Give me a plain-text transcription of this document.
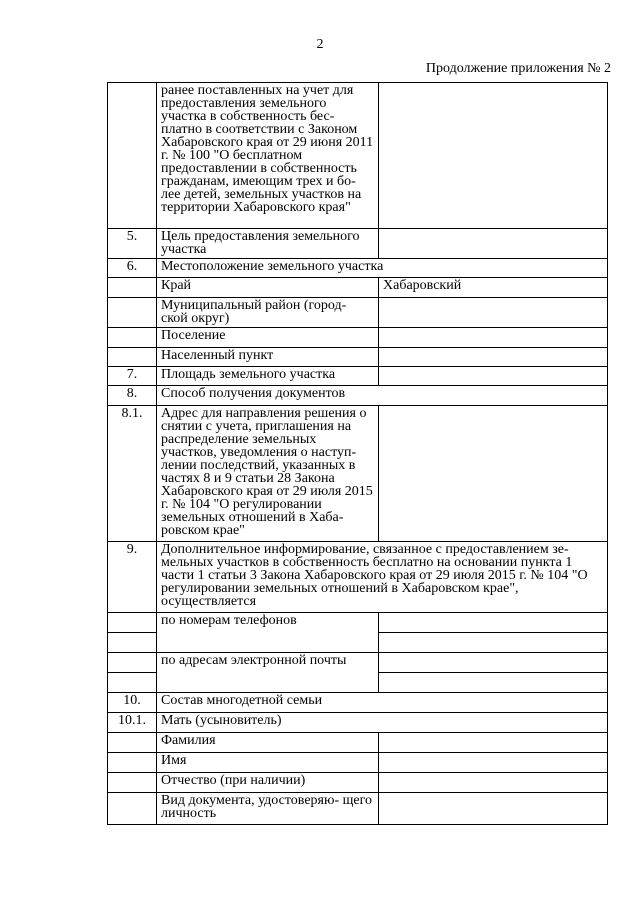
2
Продолжение приложения № 2
	ранее поставленных на учет для предоставления земельного участка в собственность бес- платно в соответствии с Законом Хабаровского края от 29 июня 2011 г. № 100 "О бесплатном предоставлении в собственность гражданам, имеющим трех и бо- лее детей, земельных участков на территории Хабаровского края"	
5.	Цель предоставления земельного участка	
6.	Местоположение земельного участка	
	Край	Хабаровский
	Муниципальный район (город- ской округ)	
	Поселение	
	Населенный пункт	
7.	Площадь земельного участка	
8.	Способ получения документов	
8.1.	Адрес для направления решения о снятии с учета, приглашения на распределение земельных участков, уведомления о наступ- лении последствий, указанных в частях 8 и 9 статьи 28 Закона Хабаровского края от 29 июля 2015 г. № 104 "О регулировании земельных отношений в Хаба- ровском крае"	
9.	Дополнительное информирование, связанное с предоставлением зе- мельных участков в собственность бесплатно на основании пункта 1 части 1 статьи 3 Закона Хабаровского края от 29 июля 2015 г. № 104 "О регулировании земельных отношений в Хабаровском крае", осуществляется	
	по номерам телефонов	

	по адресам электронной почты	

10.	Состав многодетной семьи	
10.1.	Мать (усыновитель)	
	Фамилия	
	Имя	
	Отчество (при наличии)	
	Вид документа, удостоверяю- щего личность	
